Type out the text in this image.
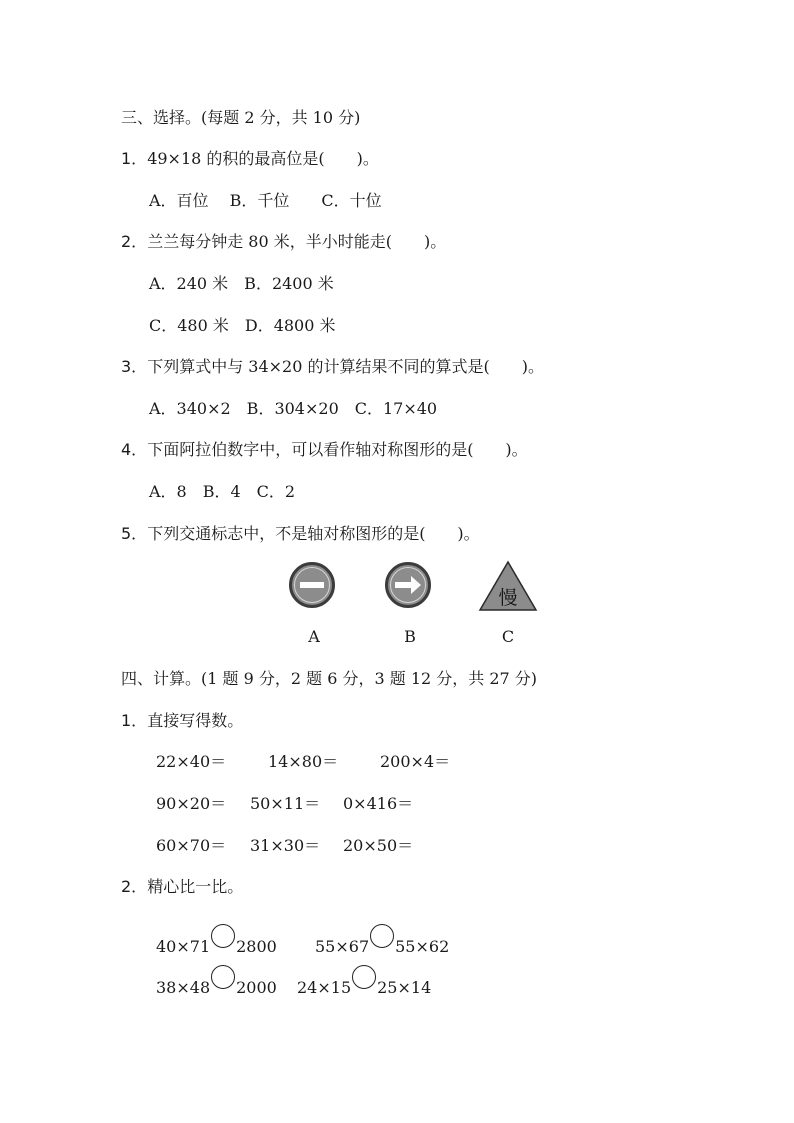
三、选择。(每题 2 分，共 10 分)
1．49×18 的积的最高位是(　　)。
A．百位　 B．千位　　C．十位
2．兰兰每分钟走 80 米，半小时能走(　　)。
A．240 米　B．2400 米
C．480 米　D．4800 米
3．下列算式中与 34×20 的计算结果不同的算式是(　　)。
A．340×2　B．304×20　C．17×40
4．下面阿拉伯数字中，可以看作轴对称图形的是(　　)。
A．8　B．4　C．2
5．下列交通标志中，不是轴对称图形的是(　　)。
慢
A	B	C
四、计算。(1 题 9 分，2 题 6 分，3 题 12 分，共 27 分)
1．直接写得数。
22×40＝	14×80＝	200×4＝
90×20＝ 50×11＝ 0×416＝
60×70＝ 31×30＝ 20×50＝
2．精心比一比。
40×71 2800 55×67 55×62
38×48 2000 24×15 25×14
